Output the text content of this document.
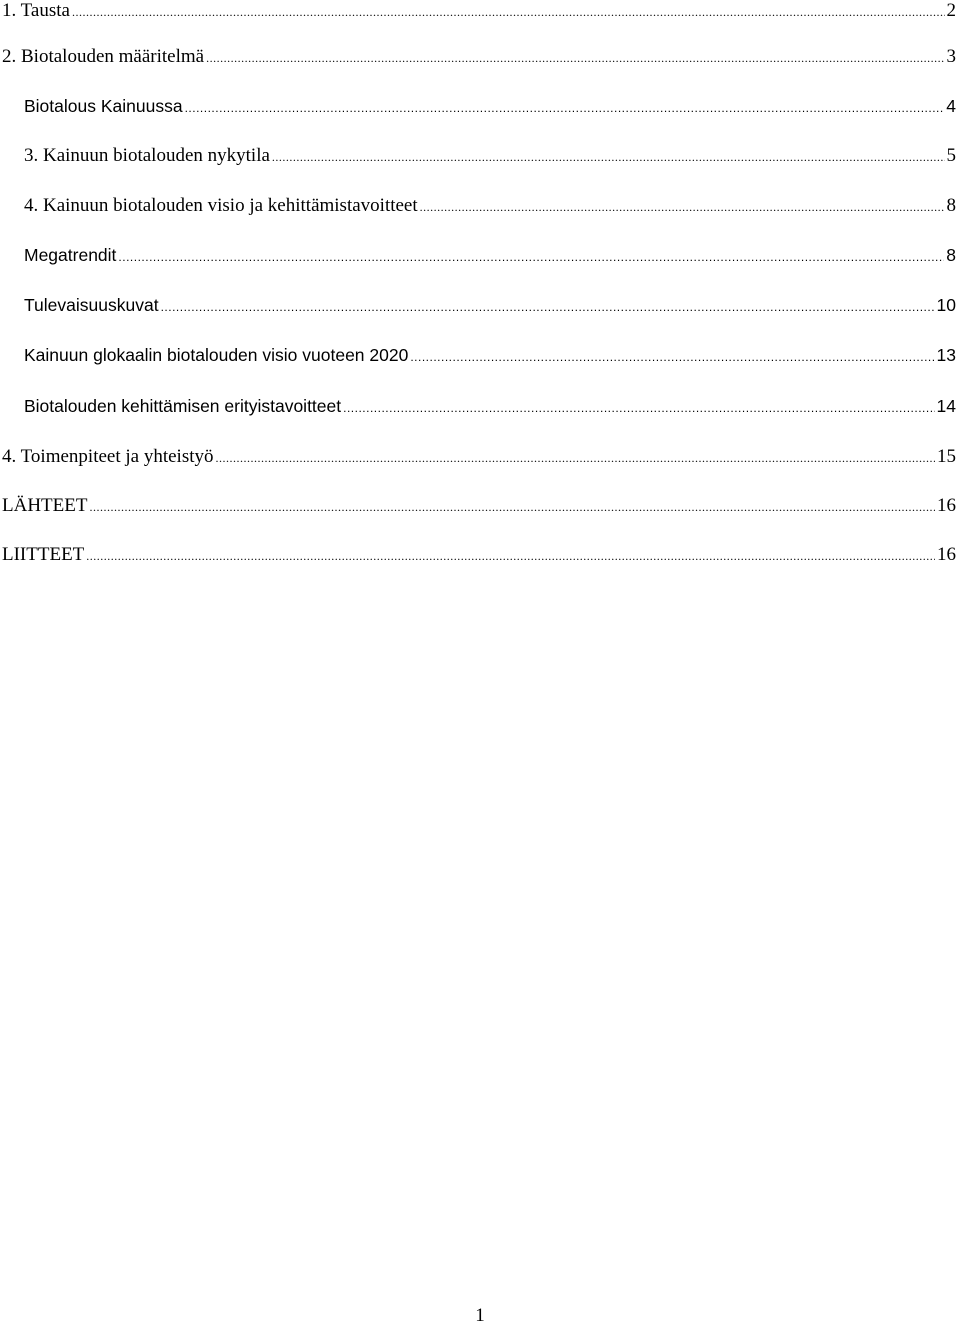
1. Tausta .....	2
2. Biotalouden määritelmä .....	3
Biotalous Kainuussa .....	4
3. Kainuun biotalouden nykytila .....	5
4. Kainuun biotalouden visio ja kehittämistavoitteet .....	8
Megatrendit .....	8
Tulevaisuuskuvat .....	10
Kainuun glokaalin biotalouden visio vuoteen 2020 .....	13
Biotalouden kehittämisen erityistavoitteet .....	14
4. Toimenpiteet ja yhteistyö .....	15
LÄHTEET .....	16
LIITTEET .....	16
1
